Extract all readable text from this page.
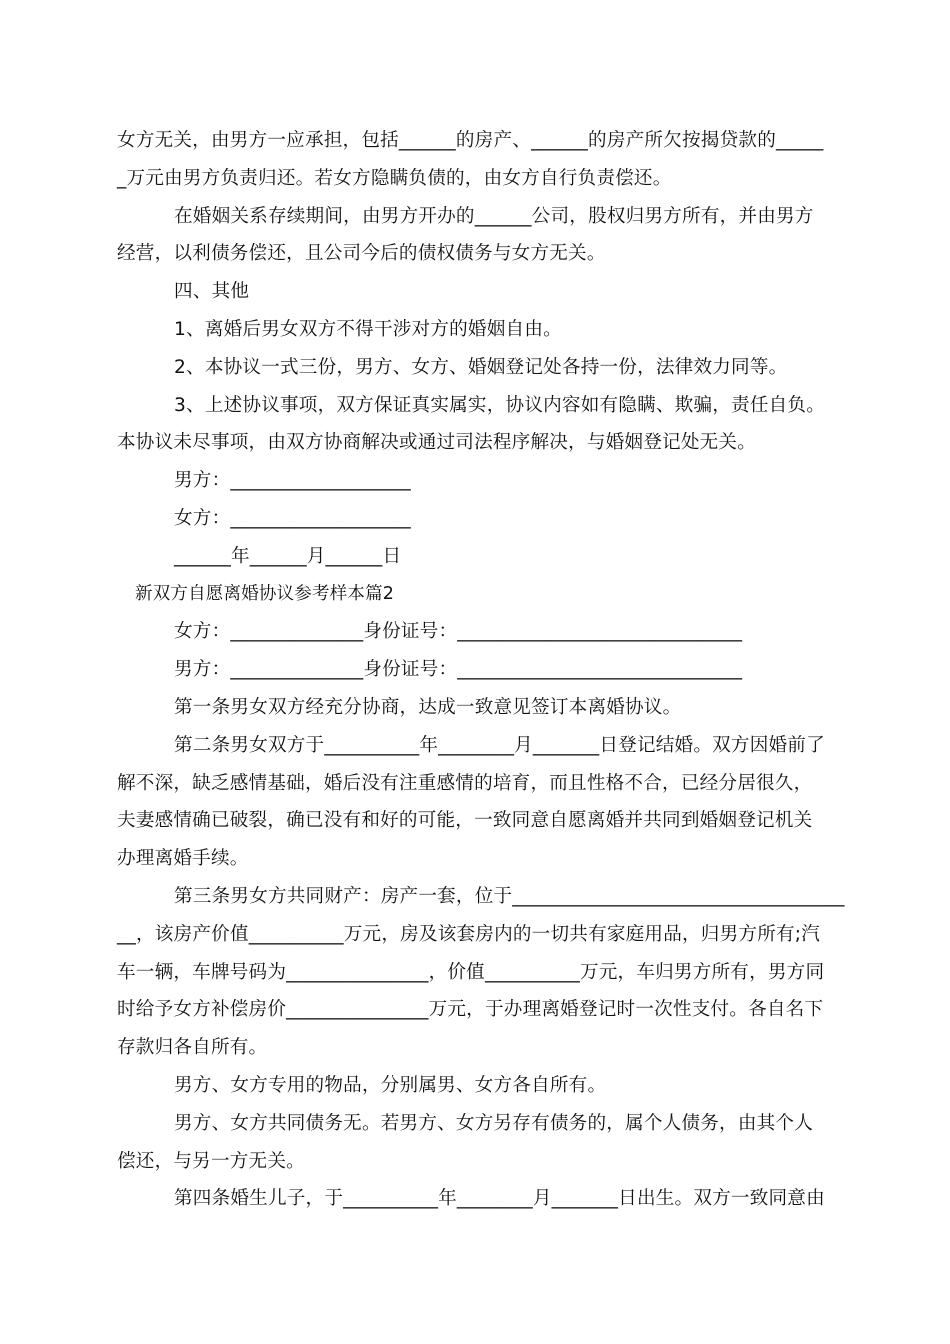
女方无关，由男方一应承担，包括______的房产、______的房产所欠按揭贷款的_____

_万元由男方负责归还。若女方隐瞒负债的，由女方自行负责偿还。

在婚姻关系存续期间，由男方开办的______公司，股权归男方所有，并由男方

经营，以利债务偿还，且公司今后的债权债务与女方无关。

四、其他

1、离婚后男女双方不得干涉对方的婚姻自由。

2、本协议一式三份，男方、女方、婚姻登记处各持一份，法律效力同等。

3、上述协议事项，双方保证真实属实，协议内容如有隐瞒、欺骗，责任自负。

本协议未尽事项，由双方协商解决或通过司法程序解决，与婚姻登记处无关。

男方：___________________

女方：___________________

______年______月______日

新双方自愿离婚协议参考样本篇2

女方：______________身份证号：______________________________

男方：______________身份证号：______________________________

第一条男女双方经充分协商，达成一致意见签订本离婚协议。

第二条男女双方于__________年________月_______日登记结婚。双方因婚前了

解不深，缺乏感情基础，婚后没有注重感情的培育，而且性格不合，已经分居很久，

夫妻感情确已破裂，确已没有和好的可能，一致同意自愿离婚并共同到婚姻登记机关

办理离婚手续。

第三条男女方共同财产：房产一套，位于___________________________________

__，该房产价值__________万元，房及该套房内的一切共有家庭用品，归男方所有;汽

车一辆，车牌号码为_______________，价值__________万元，车归男方所有，男方同

时给予女方补偿房价_______________万元，于办理离婚登记时一次性支付。各自名下

存款归各自所有。

男方、女方专用的物品，分别属男、女方各自所有。

男方、女方共同债务无。若男方、女方另存有债务的，属个人债务，由其个人

偿还，与另一方无关。

第四条婚生儿子，于__________年________月_______日出生。双方一致同意由
